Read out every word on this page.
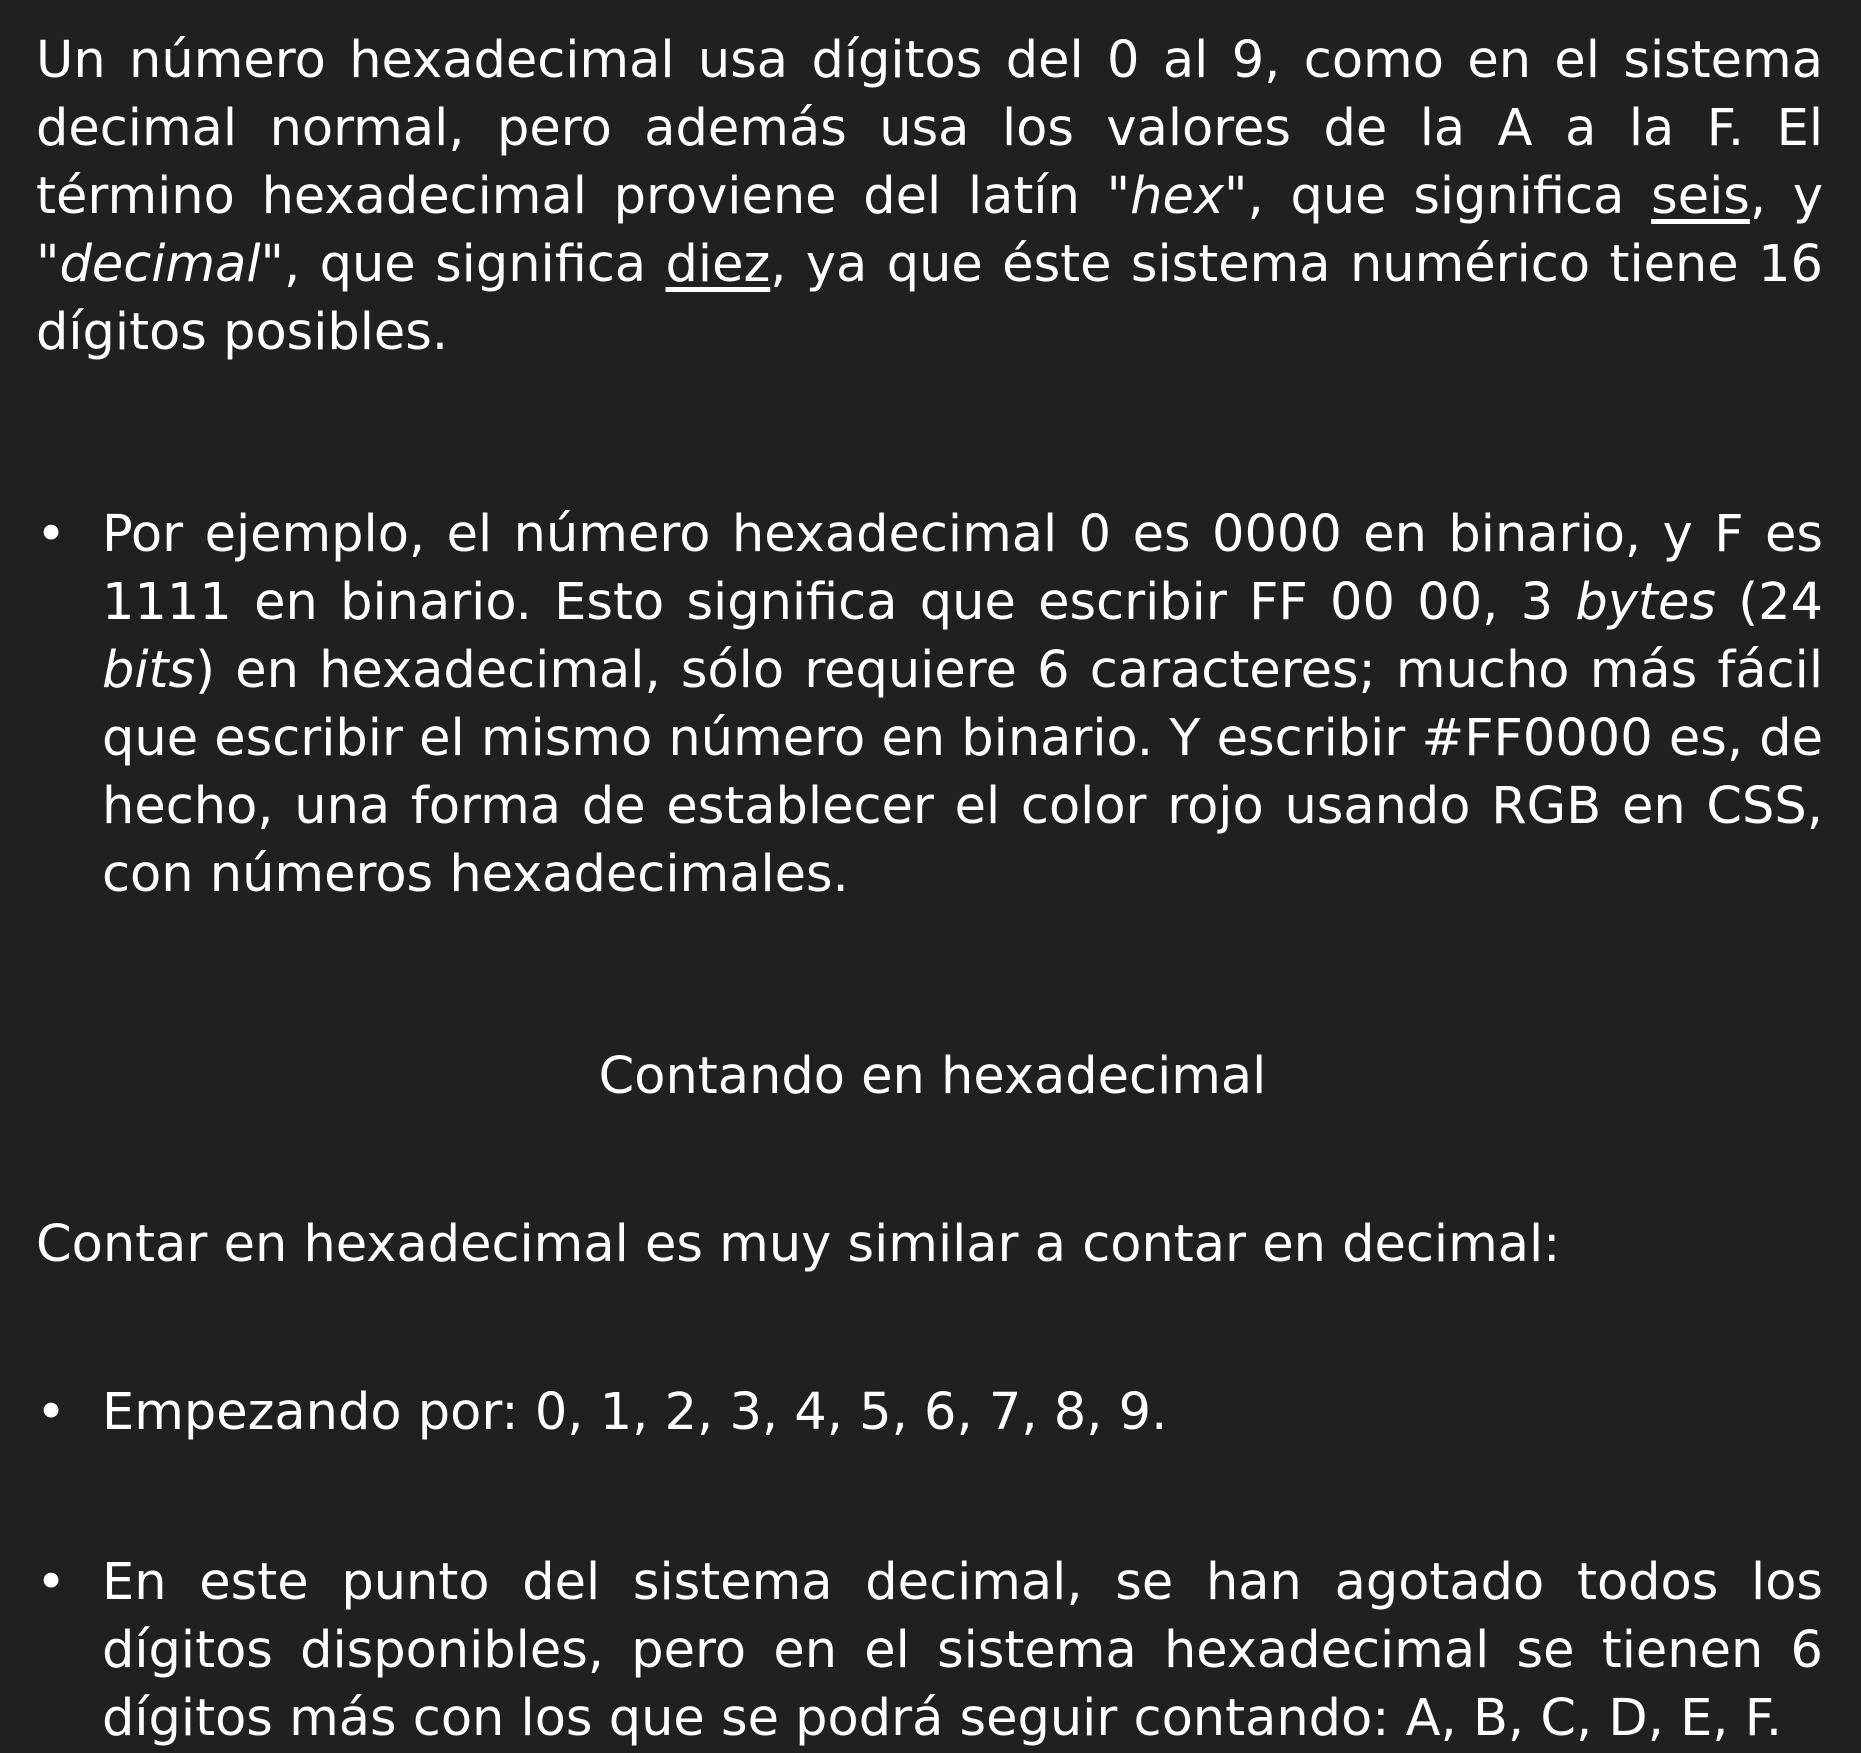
Un número hexadecimal usa dígitos del 0 al 9, como en el sistema decimal normal, pero además usa los valores de la A a la F. El término hexadecimal proviene del latín "hex", que significa seis, y "decimal", que significa diez, ya que éste sistema numérico tiene 16 dígitos posibles.

• Por ejemplo, el número hexadecimal 0 es 0000 en binario, y F es 1111 en binario. Esto significa que escribir FF 00 00, 3 bytes (24 bits) en hexadecimal, sólo requiere 6 caracteres; mucho más fácil que escribir el mismo número en binario. Y escribir #FF0000 es, de hecho, una forma de establecer el color rojo usando RGB en CSS, con números hexadecimales.
Contando en hexadecimal
Contar en hexadecimal es muy similar a contar en decimal:
• Empezando por: 0, 1, 2, 3, 4, 5, 6, 7, 8, 9.
• En este punto del sistema decimal, se han agotado todos los dígitos disponibles, pero en el sistema hexadecimal se tienen 6 dígitos más con los que se podrá seguir contando: A, B, C, D, E, F.
